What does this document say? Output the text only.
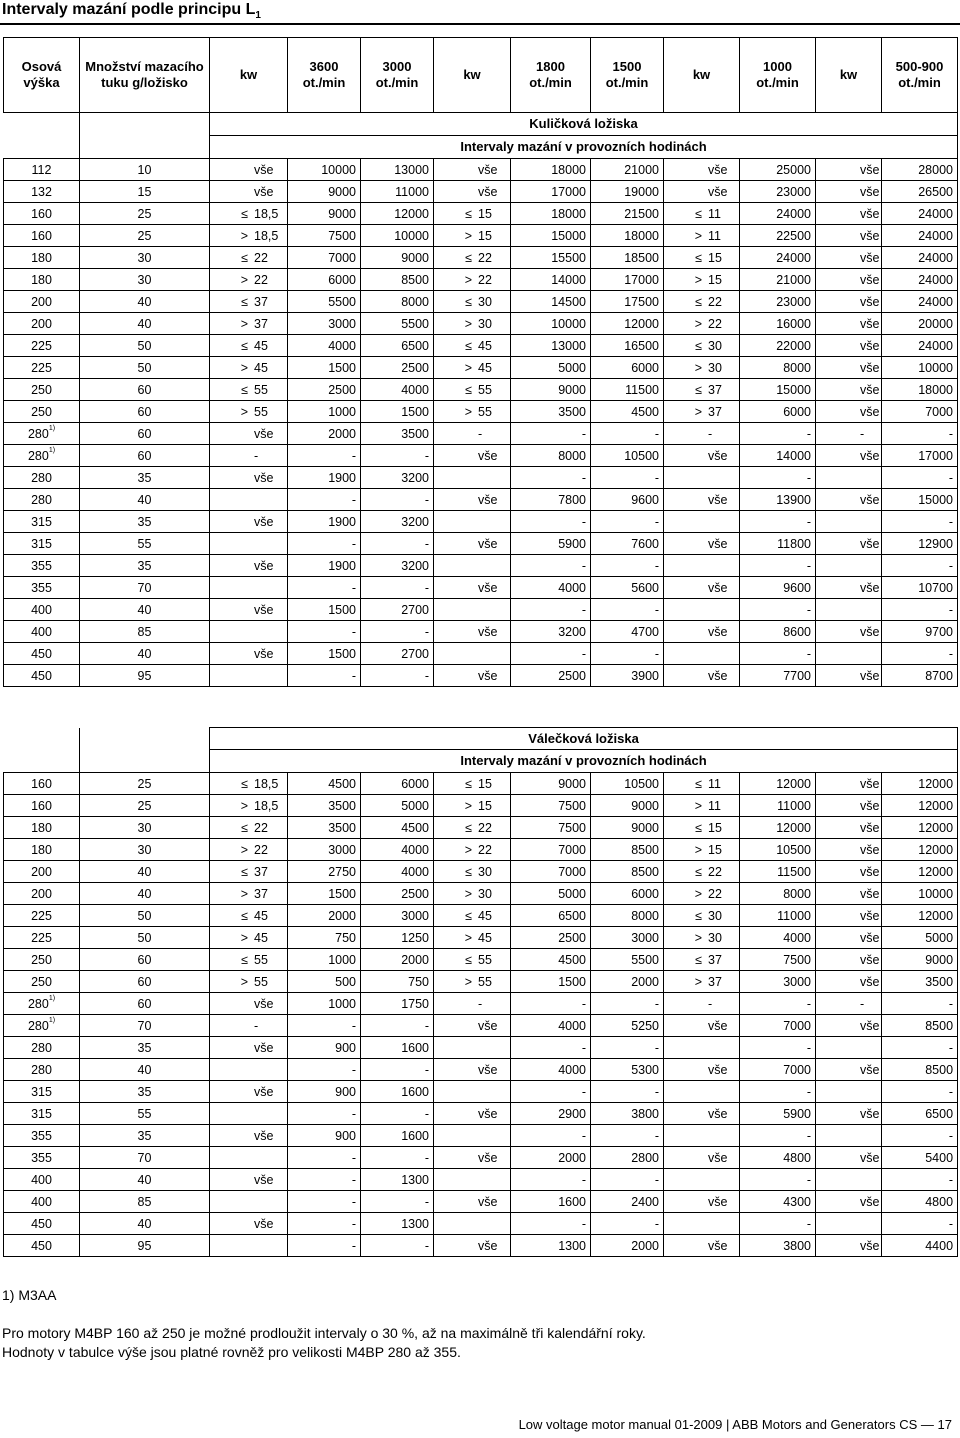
Intervaly mazání podle principu $L_1$
Osová výška	Množství mazacího tuku g/ložisko	kw	3600 ot./min	3000 ot./min	kw	1800 ot./min	1500 ot./min	kw	1000 ot./min	kw	500-900 ot./min
		Kuličková ložiska									
		Intervaly mazání v provozních hodinách									
112	10	vše	10000	13000	vše	18000	21000	vše	25000	vše	28000
132	15	vše	9000	11000	vše	17000	19000	vše	23000	vše	26500
160	25	≤ 18,5	9000	12000	≤ 15	18000	21500	≤ 11	24000	vše	24000
160	25	> 18,5	7500	10000	> 15	15000	18000	> 11	22500	vše	24000
180	30	≤ 22	7000	9000	≤ 22	15500	18500	≤ 15	24000	vše	24000
180	30	> 22	6000	8500	> 22	14000	17000	> 15	21000	vše	24000
200	40	≤ 37	5500	8000	≤ 30	14500	17500	≤ 22	23000	vše	24000
200	40	> 37	3000	5500	> 30	10000	12000	> 22	16000	vše	20000
225	50	≤ 45	4000	6500	≤ 45	13000	16500	≤ 30	22000	vše	24000
225	50	> 45	1500	2500	> 45	5000	6000	> 30	8000	vše	10000
250	60	≤ 55	2500	4000	≤ 55	9000	11500	≤ 37	15000	vše	18000
250	60	> 55	1000	1500	> 55	3500	4500	> 37	6000	vše	7000
280$^{1)}$	60	vše	2000	3500	-	-	-	-	-	-	-
280$^{1)}$	60	-	-	-	vše	8000	10500	vše	14000	vše	17000
280	35	vše	1900	3200		-	-		-		-
280	40		-	-	vše	7800	9600	vše	13900	vše	15000
315	35	vše	1900	3200		-	-		-		-
315	55		-	-	vše	5900	7600	vše	11800	vše	12900
355	35	vše	1900	3200		-	-		-		-
355	70		-	-	vše	4000	5600	vše	9600	vše	10700
400	40	vše	1500	2700		-	-		-		-
400	85		-	-	vše	3200	4700	vše	8600	vše	9700
450	40	vše	1500	2700		-	-		-		-
450	95		-	-	vše	2500	3900	vše	7700	vše	8700
		Válečková ložiska									
		Intervaly mazání v provozních hodinách									
160	25	≤ 18,5	4500	6000	≤ 15	9000	10500	≤ 11	12000	vše	12000
160	25	> 18,5	3500	5000	> 15	7500	9000	> 11	11000	vše	12000
180	30	≤ 22	3500	4500	≤ 22	7500	9000	≤ 15	12000	vše	12000
180	30	> 22	3000	4000	> 22	7000	8500	> 15	10500	vše	12000
200	40	≤ 37	2750	4000	≤ 30	7000	8500	≤ 22	11500	vše	12000
200	40	> 37	1500	2500	> 30	5000	6000	> 22	8000	vše	10000
225	50	≤ 45	2000	3000	≤ 45	6500	8000	≤ 30	11000	vše	12000
225	50	> 45	750	1250	> 45	2500	3000	> 30	4000	vše	5000
250	60	≤ 55	1000	2000	≤ 55	4500	5500	≤ 37	7500	vše	9000
250	60	> 55	500	750	> 55	1500	2000	> 37	3000	vše	3500
280$^{1)}$	60	vše	1000	1750	-	-	-	-	-	-	-
280$^{1)}$	70	-	-	-	vše	4000	5250	vše	7000	vše	8500
280	35	vše	900	1600		-	-		-		-
280	40		-	-	vše	4000	5300	vše	7000	vše	8500
315	35	vše	900	1600		-	-		-		-
315	55		-	-	vše	2900	3800	vše	5900	vše	6500
355	35	vše	900	1600		-	-		-		-
355	70		-	-	vše	2000	2800	vše	4800	vše	5400
400	40	vše	-	1300		-	-		-		-
400	85		-	-	vše	1600	2400	vše	4300	vše	4800
450	40	vše	-	1300		-	-		-		-
450	95		-	-	vše	1300	2000	vše	3800	vše	4400
1) M3AA
Pro motory M4BP 160 až 250 je možné prodloužit intervaly o 30 %, až na maximálně tři kalendářní roky.
Hodnoty v tabulce výše jsou platné rovněž pro velikosti M4BP 280 až 355.
Low voltage motor manual 01-2009 | ABB Motors and Generators CS — 17
